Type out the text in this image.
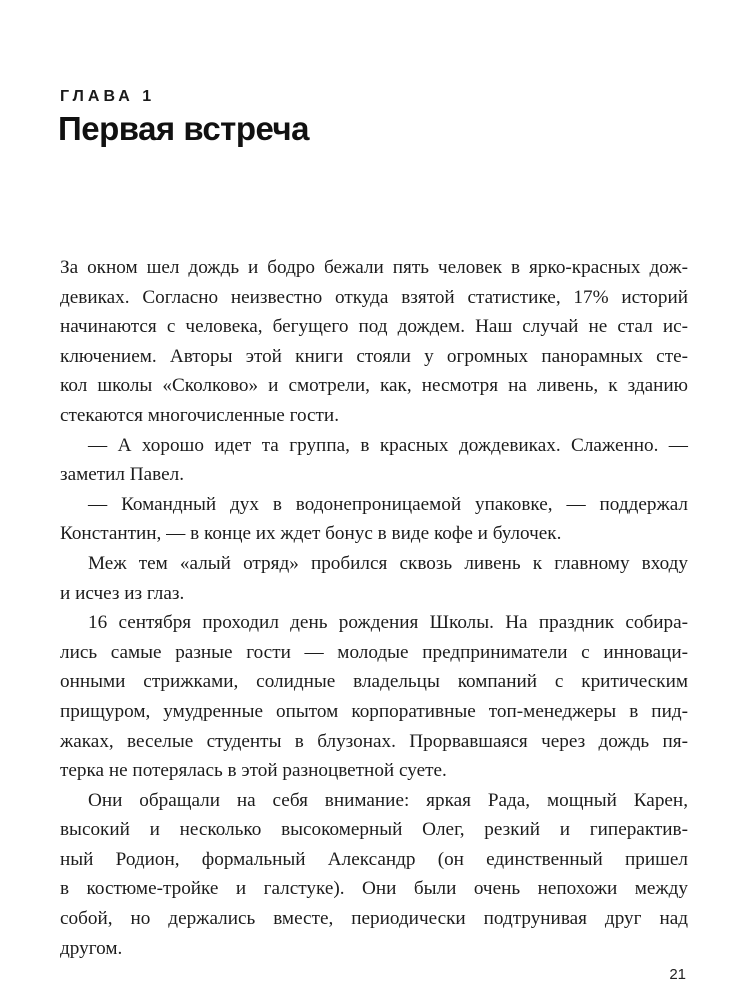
ГЛАВА 1
Первая встреча
За окном шел дождь и бодро бежали пять человек в ярко-красных дож-
девиках. Согласно неизвестно откуда взятой статистике, 17% историй
начинаются с человека, бегущего под дождем. Наш случай не стал ис-
ключением. Авторы этой книги стояли у огромных панорамных сте-
кол школы «Сколково» и смотрели, как, несмотря на ливень, к зданию
стекаются многочисленные гости.
— А хорошо идет та группа, в красных дождевиках. Слаженно. —
заметил Павел.
— Командный дух в водонепроницаемой упаковке, — поддержал
Константин, — в конце их ждет бонус в виде кофе и булочек.
Меж тем «алый отряд» пробился сквозь ливень к главному входу
и исчез из глаз.
16 сентября проходил день рождения Школы. На праздник собира-
лись самые разные гости — молодые предприниматели с инноваци-
онными стрижками, солидные владельцы компаний с критическим
прищуром, умудренные опытом корпоративные топ-менеджеры в пид-
жаках, веселые студенты в блузонах. Прорвавшаяся через дождь пя-
терка не потерялась в этой разноцветной суете.
Они обращали на себя внимание: яркая Рада, мощный Карен,
высокий и несколько высокомерный Олег, резкий и гиперактив-
ный Родион, формальный Александр (он единственный пришел
в костюме-тройке и галстуке). Они были очень непохожи между
собой, но держались вместе, периодически подтрунивая друг над
другом.
21
